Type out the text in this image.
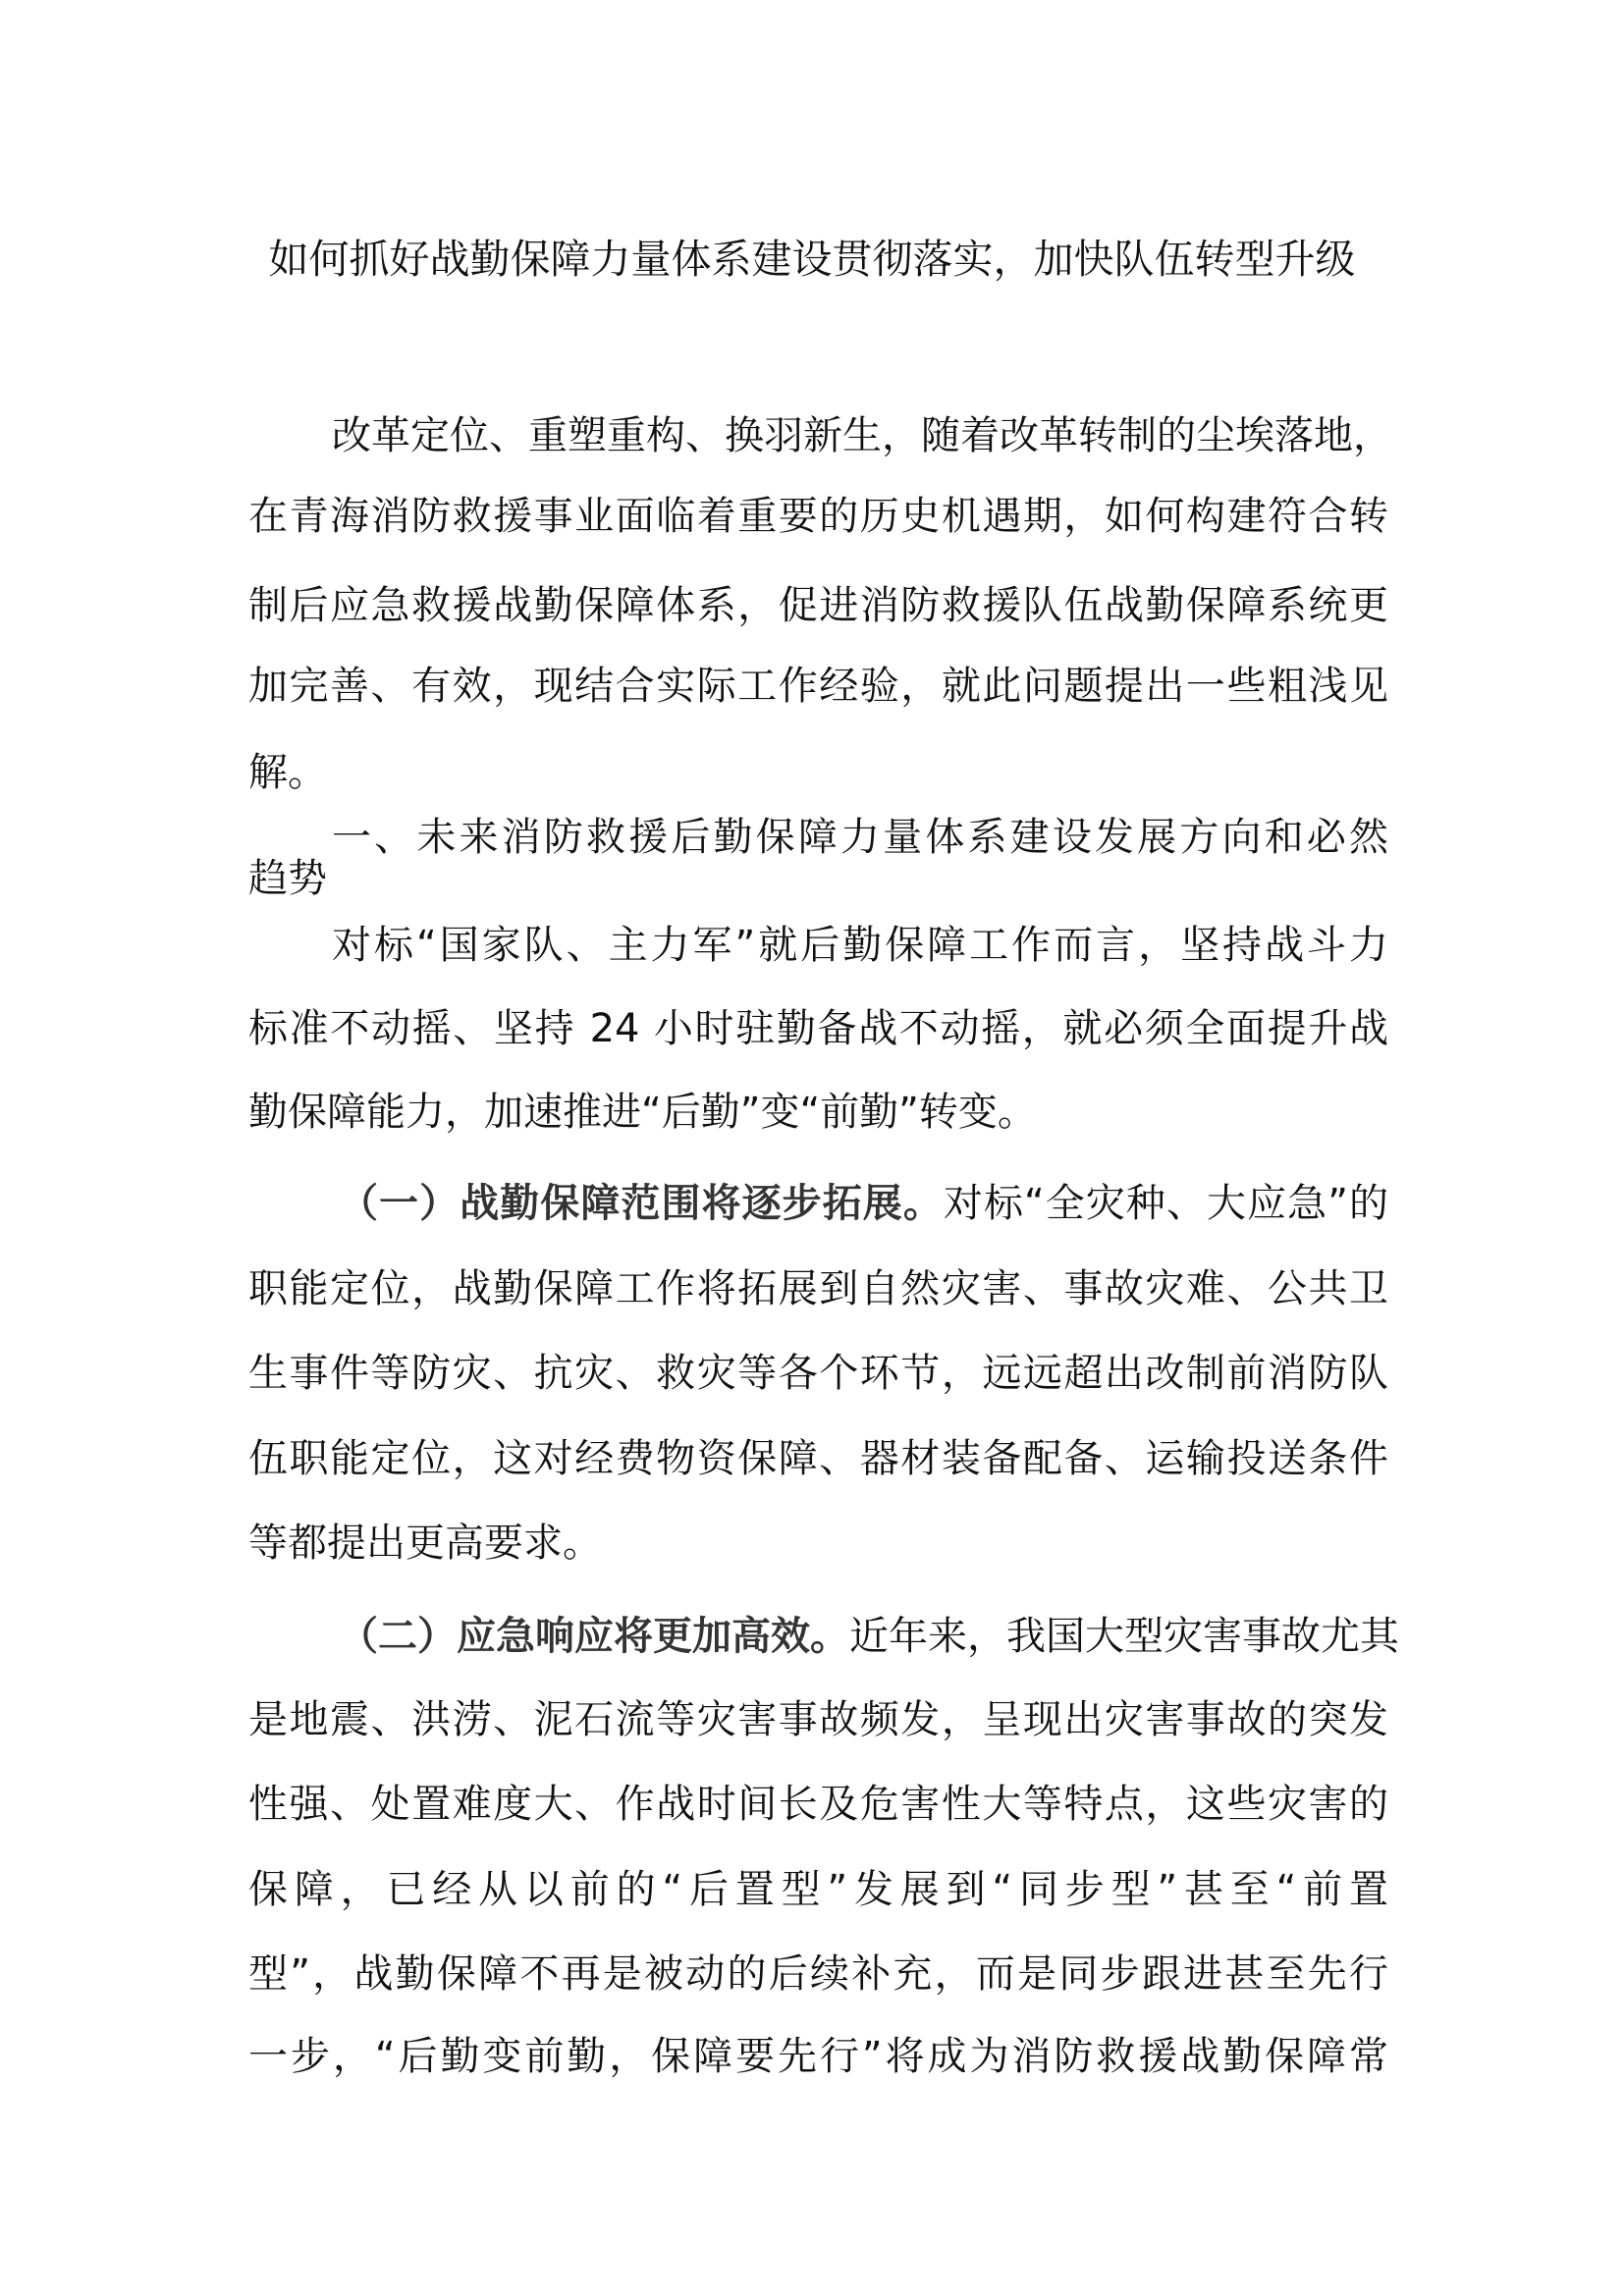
如何抓好战勤保障力量体系建设贯彻落实，加快队伍转型升级
改革定位、重塑重构、换羽新生，随着改革转制的尘埃落地，
在青海消防救援事业面临着重要的历史机遇期，如何构建符合转
制后应急救援战勤保障体系，促进消防救援队伍战勤保障系统更
加完善、有效，现结合实际工作经验，就此问题提出一些粗浅见
解。
一、未来消防救援后勤保障力量体系建设发展方向和必然
趋势
对标“国家队、主力军”就后勤保障工作而言，坚持战斗力
标准不动摇、坚持 24 小时驻勤备战不动摇，就必须全面提升战
勤保障能力，加速推进“后勤”变“前勤”转变。
（一）战勤保障范围将逐步拓展。对标“全灾种、大应急”的
职能定位，战勤保障工作将拓展到自然灾害、事故灾难、公共卫
生事件等防灾、抗灾、救灾等各个环节，远远超出改制前消防队
伍职能定位，这对经费物资保障、器材装备配备、运输投送条件
等都提出更高要求。
（二）应急响应将更加高效。近年来，我国大型灾害事故尤其
是地震、洪涝、泥石流等灾害事故频发，呈现出灾害事故的突发
性强、处置难度大、作战时间长及危害性大等特点，这些灾害的
保障，已经从以前的“后置型”发展到“同步型”甚至“前置
型”，战勤保障不再是被动的后续补充，而是同步跟进甚至先行
一步，“后勤变前勤，保障要先行”将成为消防救援战勤保障常
